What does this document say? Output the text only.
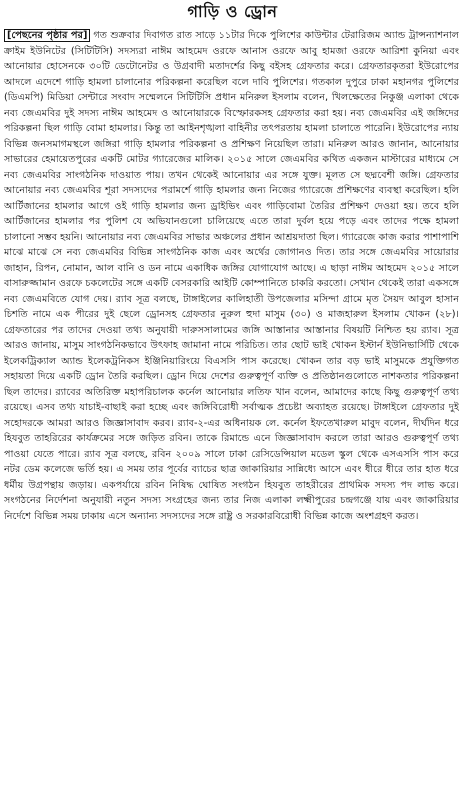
গাড়ি ও ড্রোন

[পেছনের পৃষ্ঠার পর] গত শুক্রবার দিবাগত রাত সাড়ে ১১টার দিকে পুলিশের কাউন্টার টেরারিজম অ্যান্ড ট্রান্সন্যাশনাল ক্রাইম ইউনিটের (সিটিটিসি) সদস্যরা নাঈম আহমেদ ওরফে আনাস ওরফে আবু হামজা ওরফে আরিশা কুনিয়া এবং আনোয়ার হোসেনকে ৩০টি ডেটোনেটর ও উগ্রবাদী মতাদর্শের কিছু বইসহ গ্রেফতার করে। গ্রেফতারকৃতরা ইউরোপের আদলে এদেশে গাড়ি হামলা চালানোর পরিকল্পনা করেছিল বলে দাবি পুলিশের। গতকাল দুপুরে ঢাকা মহানগর পুলিশের (ডিএমপি) মিডিয়া সেন্টারে সংবাদ সম্মেলনে সিটিটিসি প্রধান মনিরুল ইসলাম বলেন, খিলক্ষেতের নিকুঞ্জ এলাকা থেকে নব্য জেএমবির দুই সদস্য নাঈম আহমেদ ও আনোয়ারকে বিস্ফোরকসহ গ্রেফতার করা হয়। নব্য জেএমবির এই জঙ্গিদের পরিকল্পনা ছিল গাড়ি বোমা হামলার। কিন্তু তা আইনশৃঙ্খলা বাহিনীর তৎপরতায় হামলা চালাতে পারেনি। ইউরোপের ন্যায় বিভিন্ন জনসমাগমস্থলে জঙ্গিরা গাড়ি হামলার পরিকল্পনা ও প্রশিক্ষণ নিয়েছিল তারা। মনিরুল আরও জানান, আনোয়ার সাভারের হেমায়েতপুরের একটি মোটর গ্যারেজের মালিক। ২০১৫ সালে জেএমবির কথিত একজন মাস্টারের মাধ্যমে সে নব্য জেএমবির সাংগঠনিক দাওয়াত পায়। তখন থেকেই আনোয়ার এর সঙ্গে যুক্ত। মূলত সে ছদ্মবেশী জঙ্গি। গ্রেফতার আনোয়ার নব্য জেএমবির শূরা সদস্যদের পরামর্শে গাড়ি হামলার জন্য নিজের গ্যারেজে প্রশিক্ষণের ব্যবস্থা করেছিল। হলি আর্টিজানের হামলার আগে ওই গাড়ি হামলার জন্য ড্রাইভিং এবং গাড়িবোমা তৈরির প্রশিক্ষণ দেওয়া হয়। তবে হলি আর্টিজানের হামলার পর পুলিশ যে অভিযানগুলো চালিয়েছে এতে তারা দুর্বল হয়ে পড়ে এবং তাদের পক্ষে হামলা চালানো সম্ভব হয়নি। আনোয়ার নব্য জেএমবির সাভার অঞ্চলের প্রধান আশ্রয়দাতা ছিল। গ্যারেজে কাজ করার পাশাপাশি মাঝে মাঝে সে নব্য জেএমবির বিভিন্ন সাংগঠনিক কাজ এবং অর্থের জোগানও দিত। তার সঙ্গে জেএমবির সায়োরার জাহান, রিপন, নোমান, আল বানি ও ডন নামে একাধিক জঙ্গির যোগাযোগ আছে। এ ছাড়া নাঈম আহমেদ ২০১৫ সালে বাসারুজ্জামান ওরফে চকলেটের সঙ্গে একটি বেসরকারি আইটি কোম্পানিতে চাকরি করতো। সেখান থেকেই তারা একসঙ্গে নব্য জেএমবিতে যোগ দেয়। র‍্যাব সূত্র বলছে, টাঙ্গাইলের কালিহাতী উপজেলার মসিন্দা গ্রামে মৃত সৈয়দ আবুল হাসান চিশতি নামে এক পীরের দুই ছেলে ড্রোনসহ গ্রেফতার নুরুল হুদা মাসুম (৩০) ও মাজহারুল ইসলাম খোকন (২৮)। গ্রেফতারের পর তাদের দেওয়া তথ্য অনুযায়ী দারুসসালামের জঙ্গি আস্তানার আস্তানার বিষয়টি নিশ্চিত হয় র‍্যাব। সূত্র আরও জানায়, মাসুম সাংগঠনিকভাবে উৎফাহ জামানা নামে পরিচিত। তার ছোট ভাই খোকন ইস্টার্ন ইউনিভার্সিটি থেকে ইলেকট্রিক্যাল অ্যান্ড ইলেকট্রনিকস ইঞ্জিনিয়ারিংয়ে বিএসসি পাস করেছে। খোকন তার বড় ভাই মাসুমকে প্রযুক্তিগত সহায়তা দিয়ে একটি ড্রোন তৈরি করছিল। ড্রোন দিয়ে দেশের গুরুত্বপূর্ণ ব্যক্তি ও প্রতিষ্ঠানগুলোতে নাশকতার পরিকল্পনা ছিল তাদের। র‍্যাবের অতিরিক্ত মহাপরিচালক কর্নেল আনোয়ার লতিফ খান বলেন, আমাদের কাছে কিছু গুরুত্বপূর্ণ তথ্য রয়েছে। এসব তথ্য যাচাই-বাছাই করা হচ্ছে এবং জঙ্গিবিরোধী সর্বাত্মক প্রচেষ্টা অব্যাহত রয়েছে। টাঙ্গাইলে গ্রেফতার দুই সহোদরকে আমরা আরও জিজ্ঞাসাবাদ করব। র‍্যাব-২-এর অধিনায়ক লে. কর্নেল ইফতেখারুল মাবুদ বলেন, দীর্ঘদিন ধরে হিযবুত তাহরিরের কার্যক্রমের সঙ্গে জড়িত রবিন। তাকে রিমান্ডে এনে জিজ্ঞাসাবাদ করলে তারা আরও গুরুত্বপূর্ণ তথ্য পাওয়া যেতে পারে। র‍্যাব সূত্র বলছে, রবিন ২০০৯ সালে ঢাকা রেসিডেন্সিয়াল মডেল স্কুল থেকে এসএসসি পাস করে নটর ডেম কলেজে ভর্তি হয়। এ সময় তার পূর্বের ব্যাচের ছাত্র জাকারিয়ার সান্নিধ্যে আসে এবং ধীরে ধীরে তার হাত ধরে ধর্মীয় উগ্রপন্থায় জড়ায়। একপর্যায়ে রবিন নিষিদ্ধ ঘোষিত সংগঠন হিযবুত তাহরীরের প্রাথমিক সদস্য পদ লাভ করে। সংগঠনের নির্দেশনা অনুযায়ী নতুন সদস্য সংগ্রহের জন্য তার নিজ এলাকা লক্ষ্মীপুরের চন্দ্রগঞ্জে যায় এবং জাকারিয়ার নির্দেশে বিভিন্ন সময় ঢাকায় এসে অন্যান্য সদস্যদের সঙ্গে রাষ্ট্র ও সরকারবিরোধী বিভিন্ন কাজে অংশগ্রহণ করত।
